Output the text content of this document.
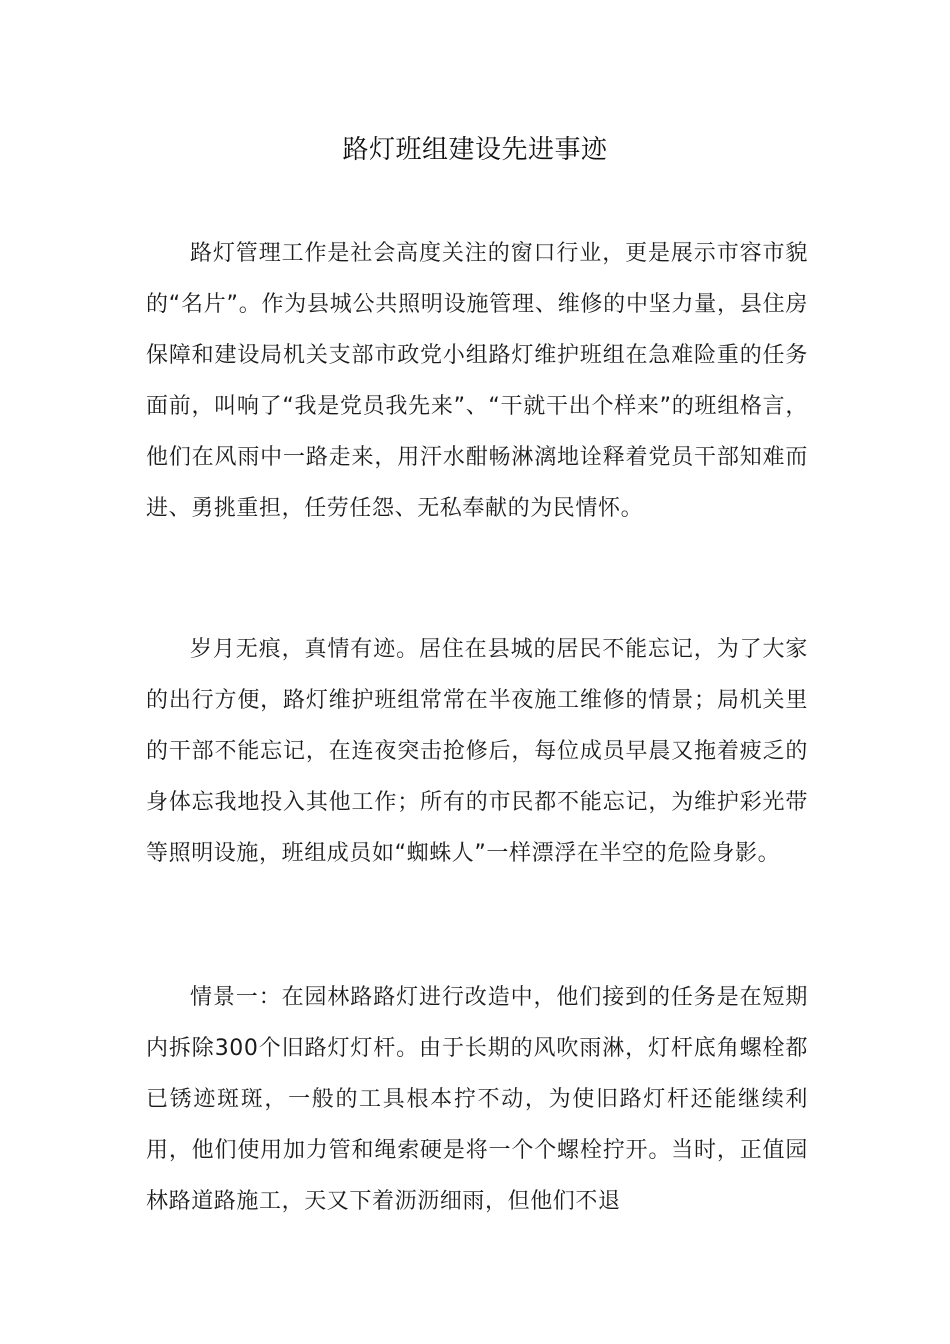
路灯班组建设先进事迹

路灯管理工作是社会高度关注的窗口行业，更是展示市容市貌的“名片”。作为县城公共照明设施管理、维修的中坚力量，县住房保障和建设局机关支部市政党小组路灯维护班组在急难险重的任务面前，叫响了“我是党员我先来”、“干就干出个样来”的班组格言，他们在风雨中一路走来，用汗水酣畅淋漓地诠释着党员干部知难而进、勇挑重担，任劳任怨、无私奉献的为民情怀。

岁月无痕，真情有迹。居住在县城的居民不能忘记，为了大家的出行方便，路灯维护班组常常在半夜施工维修的情景；局机关里的干部不能忘记，在连夜突击抢修后，每位成员早晨又拖着疲乏的身体忘我地投入其他工作；所有的市民都不能忘记，为维护彩光带等照明设施，班组成员如“蜘蛛人”一样漂浮在半空的危险身影。

情景一：在园林路路灯进行改造中，他们接到的任务是在短期内拆除300个旧路灯灯杆。由于长期的风吹雨淋，灯杆底角螺栓都已锈迹斑斑，一般的工具根本拧不动，为使旧路灯杆还能继续利用，他们使用加力管和绳索硬是将一个个螺栓拧开。当时，正值园林路道路施工，天又下着沥沥细雨，但他们不退
